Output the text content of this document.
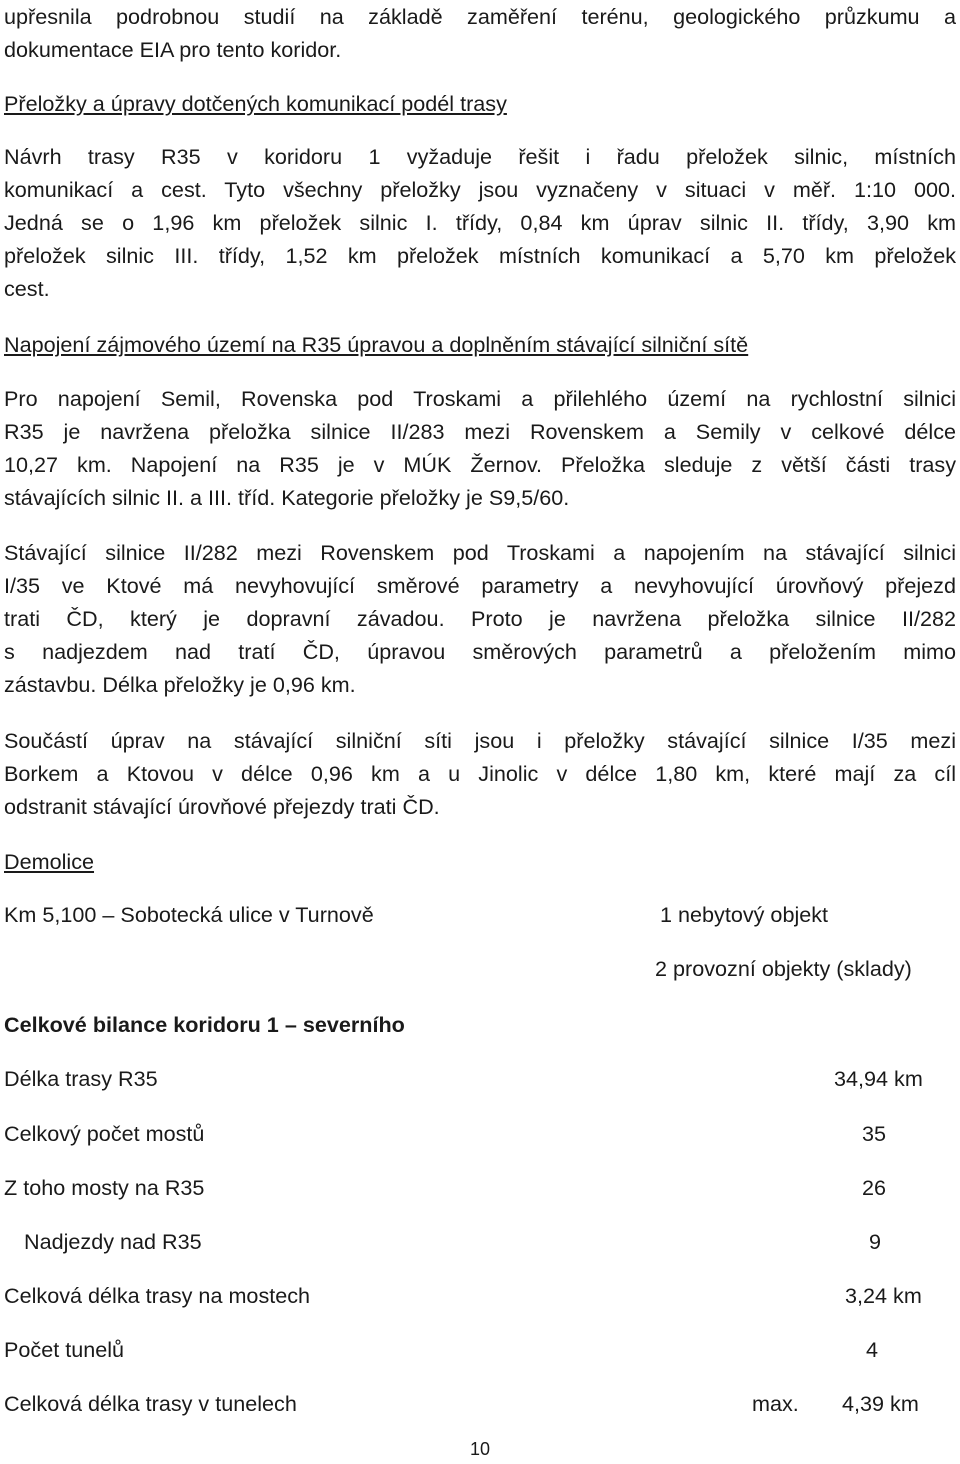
upřesnila podrobnou studií na základě zaměření terénu, geologického průzkumu a
dokumentace EIA pro tento koridor.
Přeložky a úpravy dotčených komunikací podél trasy
Návrh trasy R35 v koridoru 1 vyžaduje řešit i řadu přeložek silnic, místních
komunikací a cest. Tyto všechny přeložky jsou vyznačeny v situaci v měř. 1:10 000.
Jedná se o 1,96 km přeložek silnic I. třídy, 0,84 km úprav silnic II. třídy, 3,90 km
přeložek silnic III. třídy, 1,52 km přeložek místních komunikací a 5,70 km přeložek
cest.
Napojení zájmového území na R35 úpravou a doplněním stávající silniční sítě
Pro napojení Semil, Rovenska pod Troskami a přilehlého území na rychlostní silnici
R35 je navržena přeložka silnice II/283 mezi Rovenskem a Semily v celkové délce
10,27 km. Napojení na R35 je v MÚK Žernov. Přeložka sleduje z větší části trasy
stávajících silnic II. a III. tříd. Kategorie přeložky je S9,5/60.
Stávající silnice II/282 mezi Rovenskem pod Troskami a napojením na stávající silnici
I/35 ve Ktové má nevyhovující směrové parametry a nevyhovující úrovňový přejezd
trati ČD, který je dopravní závadou. Proto je navržena přeložka silnice II/282
s nadjezdem nad tratí ČD, úpravou směrových parametrů a přeložením mimo
zástavbu. Délka přeložky je 0,96 km.
Součástí úprav na stávající silniční síti jsou i přeložky stávající silnice I/35 mezi
Borkem a Ktovou v délce 0,96 km a u Jinolic v délce 1,80 km, které mají za cíl
odstranit stávající úrovňové přejezdy trati ČD.
Demolice
Km 5,100 – Sobotecká ulice v Turnově	1 nebytový objekt
2 provozní objekty (sklady)
Celkové bilance koridoru 1 – severního
Délka trasy R35	34,94 km
Celkový počet mostů	35
Z toho mosty na R35	26
Nadjezdy nad R35	9
Celková délka trasy na mostech	3,24 km
Počet tunelů	4
Celková délka trasy v tunelech	max. 4,39 km
10
